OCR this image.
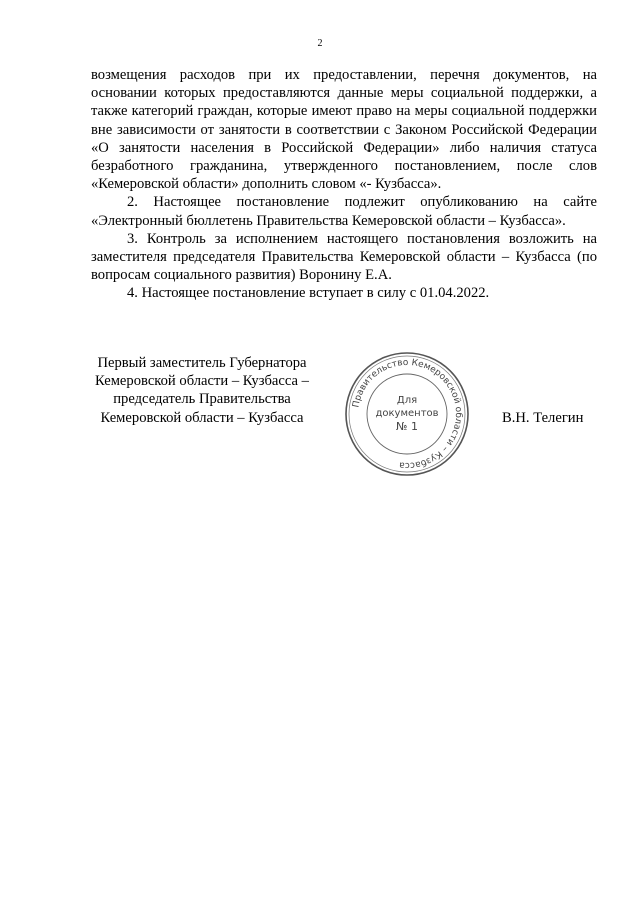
2

возмещения расходов при их предоставлении, перечня документов, на основании которых предоставляются данные меры социальной поддержки, а также категорий граждан, которые имеют право на меры социальной поддержки вне зависимости от занятости в соответствии с Законом Российской Федерации «О занятости населения в Российской Федерации» либо наличия статуса безработного гражданина, утвержденного постановлением, после слов «Кемеровской области» дополнить словом «- Кузбасса».

2. Настоящее постановление подлежит опубликованию на сайте «Электронный бюллетень Правительства Кемеровской области – Кузбасса».

3. Контроль за исполнением настоящего постановления возложить на заместителя председателя Правительства Кемеровской области – Кузбасса (по вопросам социального развития) Воронину Е.А.

4. Настоящее постановление вступает в силу с 01.04.2022.

Первый заместитель Губернатора
Кемеровской области – Кузбасса –
председатель Правительства
Кемеровской области – Кузбасса
Правительство Кемеровской области – Кузбасса
Для
документов
№ 1
В.Н. Телегин
